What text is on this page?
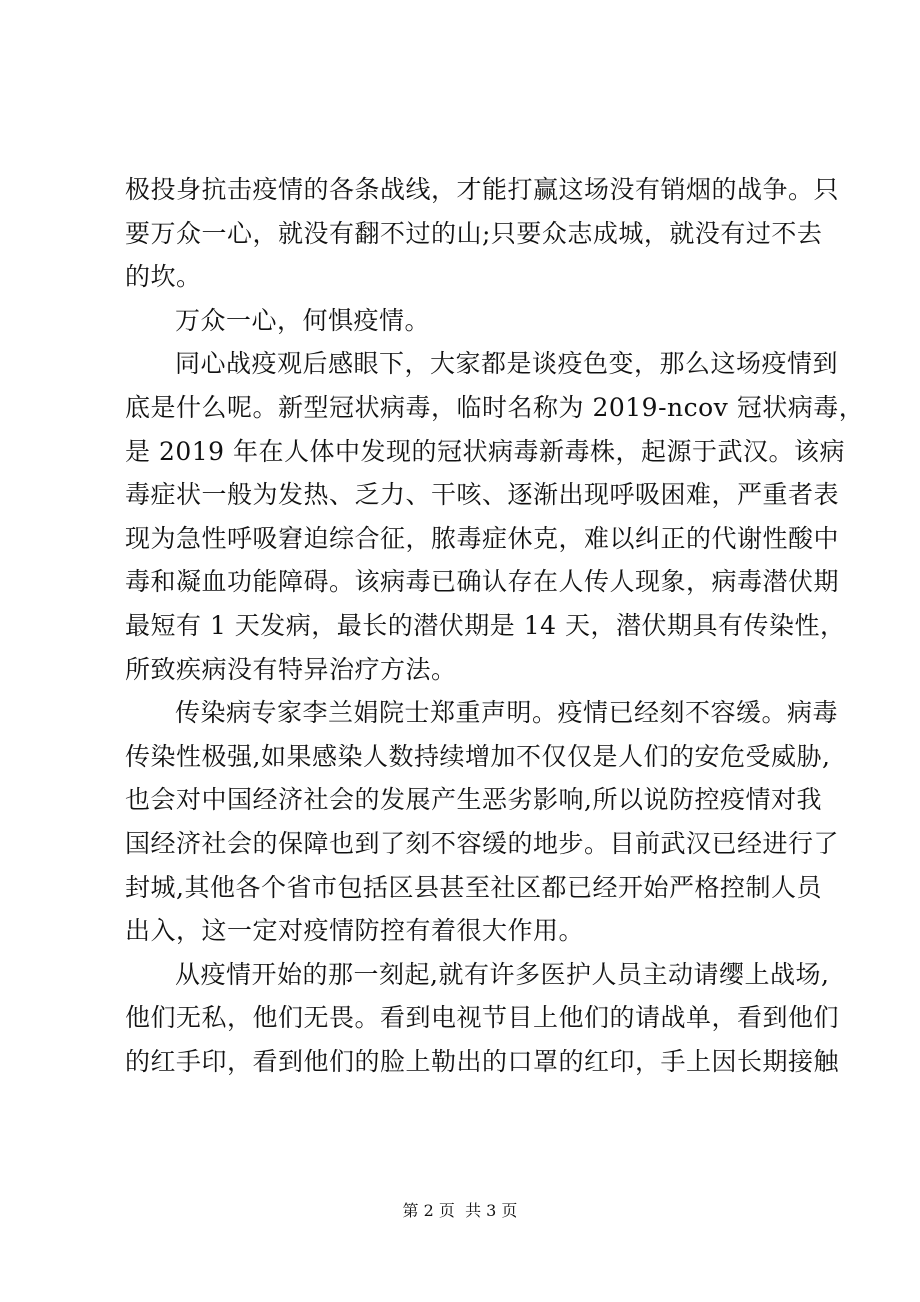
极投身抗击疫情的各条战线，才能打赢这场没有销烟的战争。只
要万众一心，就没有翻不过的山;只要众志成城，就没有过不去
的坎。
万众一心，何惧疫情。
同心战疫观后感眼下，大家都是谈疫色变，那么这场疫情到
底是什么呢。新型冠状病毒，临时名称为 2019-ncov 冠状病毒，
是 2019 年在人体中发现的冠状病毒新毒株，起源于武汉。该病
毒症状一般为发热、乏力、干咳、逐渐出现呼吸困难，严重者表
现为急性呼吸窘迫综合征，脓毒症休克，难以纠正的代谢性酸中
毒和凝血功能障碍。该病毒已确认存在人传人现象，病毒潜伏期
最短有 1 天发病，最长的潜伏期是 14 天，潜伏期具有传染性，
所致疾病没有特异治疗方法。
传染病专家李兰娟院士郑重声明。疫情已经刻不容缓。病毒
传染性极强,如果感染人数持续增加不仅仅是人们的安危受威胁,
也会对中国经济社会的发展产生恶劣影响,所以说防控疫情对我
国经济社会的保障也到了刻不容缓的地步。目前武汉已经进行了
封城,其他各个省市包括区县甚至社区都已经开始严格控制人员
出入，这一定对疫情防控有着很大作用。
从疫情开始的那一刻起,就有许多医护人员主动请缨上战场,
他们无私，他们无畏。看到电视节目上他们的请战单，看到他们
的红手印，看到他们的脸上勒出的口罩的红印，手上因长期接触
第 2 页  共 3 页
